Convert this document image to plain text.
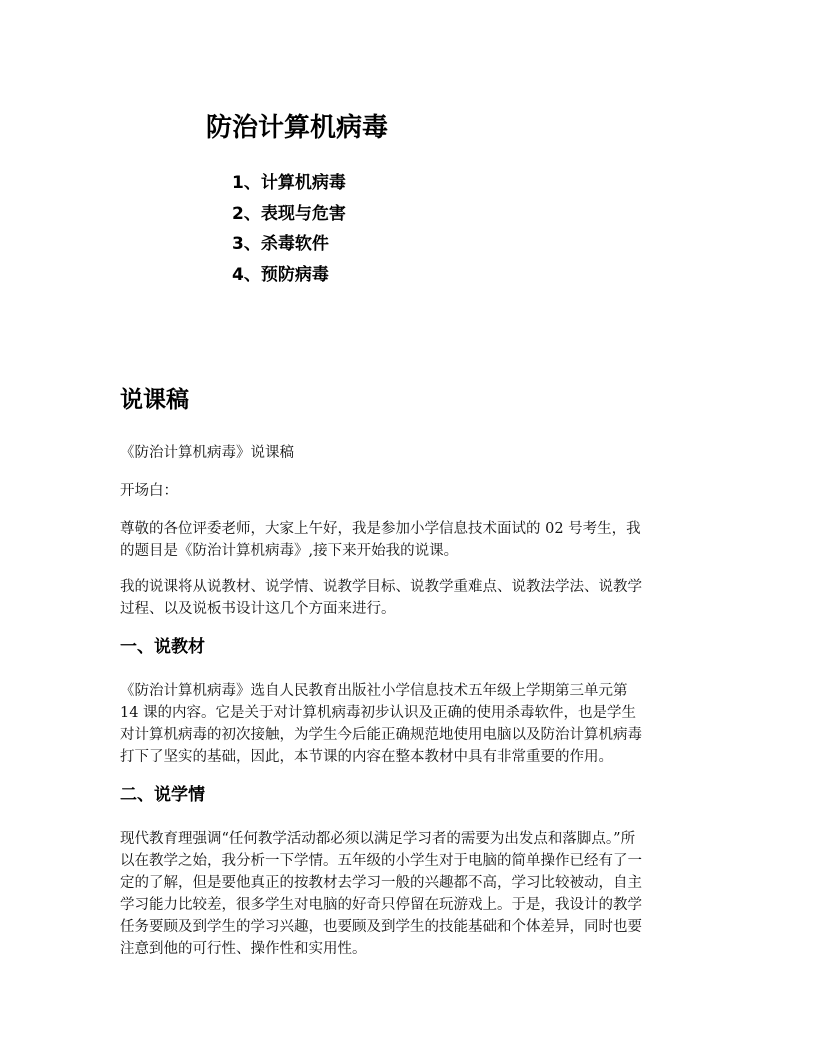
防治计算机病毒
1、计算机病毒
2、表现与危害
3、杀毒软件
4、预防病毒
说课稿

《防治计算机病毒》说课稿

开场白：

尊敬的各位评委老师，大家上午好，我是参加小学信息技术面试的 02 号考生，我
的题目是《防治计算机病毒》,接下来开始我的说课。

我的说课将从说教材、说学情、说教学目标、说教学重难点、说教法学法、说教学
过程、以及说板书设计这几个方面来进行。

一、说教材

《防治计算机病毒》选自人民教育出版社小学信息技术五年级上学期第三单元第
14 课的内容。它是关于对计算机病毒初步认识及正确的使用杀毒软件，也是学生
对计算机病毒的初次接触，为学生今后能正确规范地使用电脑以及防治计算机病毒
打下了坚实的基础，因此，本节课的内容在整本教材中具有非常重要的作用。

二、说学情

现代教育理强调“任何教学活动都必须以满足学习者的需要为出发点和落脚点。”所
以在教学之始，我分析一下学情。五年级的小学生对于电脑的简单操作已经有了一
定的了解，但是要他真正的按教材去学习一般的兴趣都不高，学习比较被动，自主
学习能力比较差，很多学生对电脑的好奇只停留在玩游戏上。于是，我设计的教学
任务要顾及到学生的学习兴趣，也要顾及到学生的技能基础和个体差异，同时也要
注意到他的可行性、操作性和实用性。
